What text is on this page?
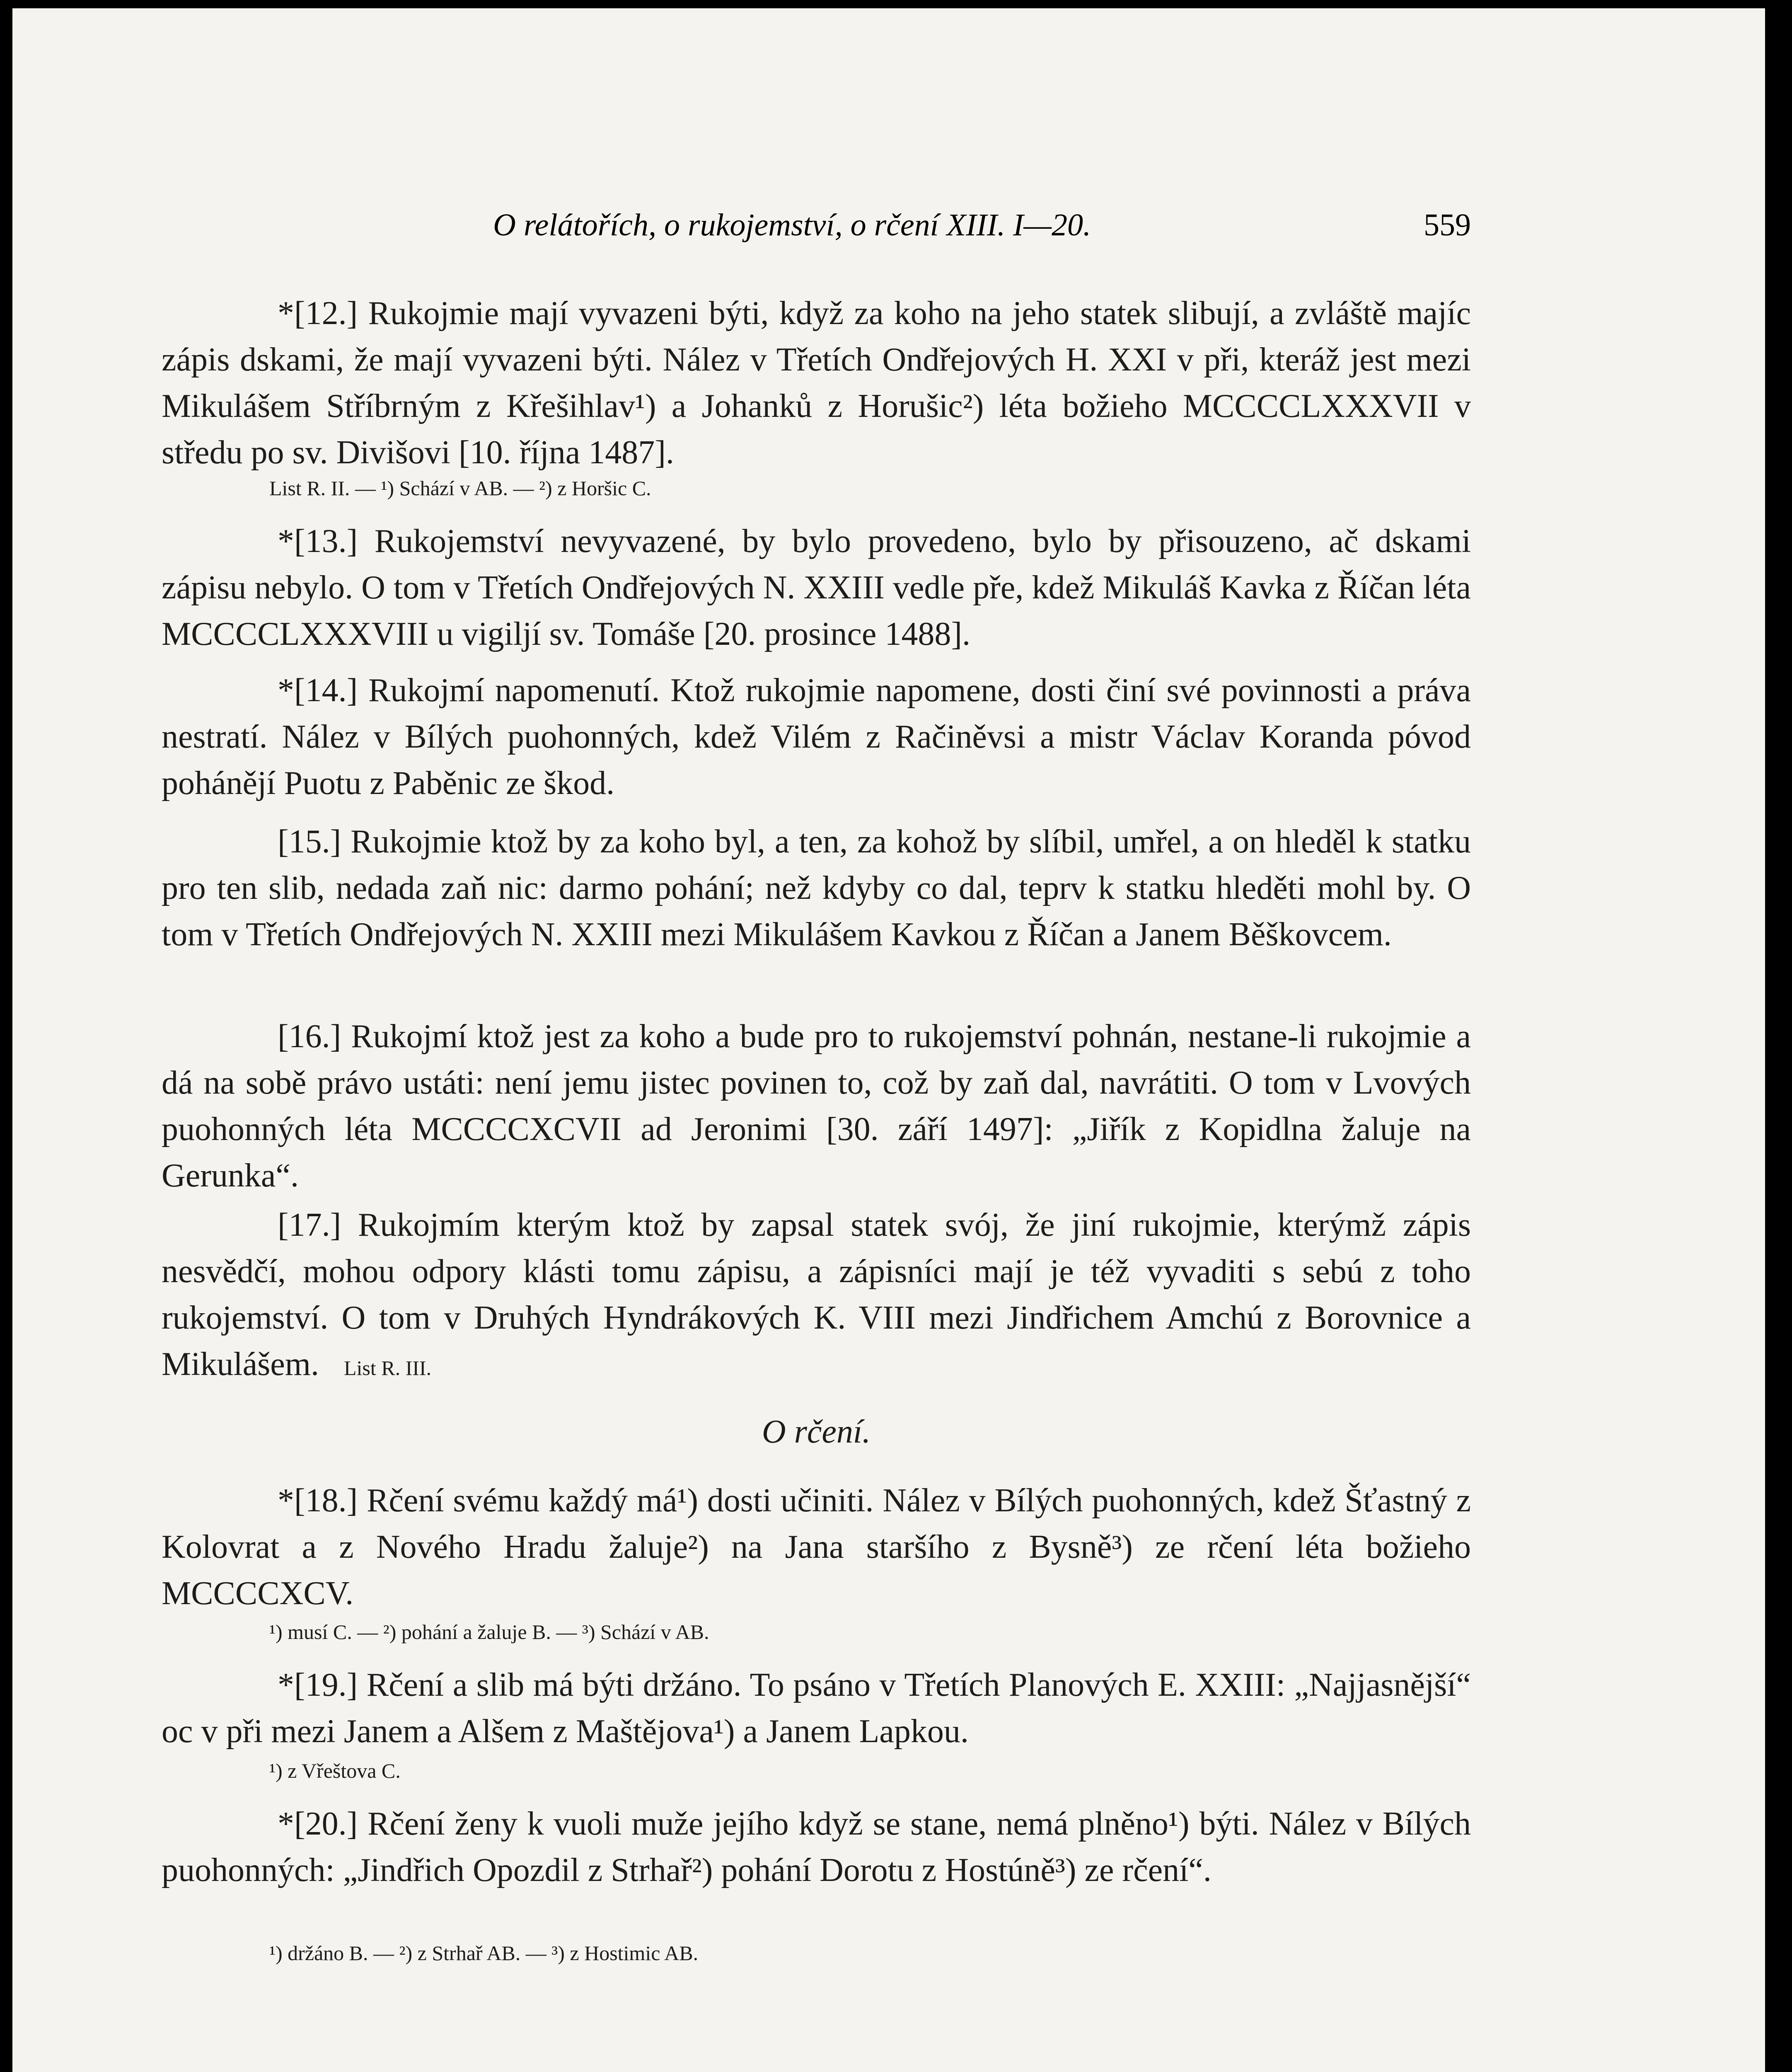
O relátořích, o rukojemství, o rčení XIII. I—20.	559
*[12.] Rukojmie mají vyvazeni býti, když za koho na jeho statek slibují, a zvláště majíc zápis dskami, že mají vyvazeni býti. Nález v Třetích Ondřejových H. XXI v při, kteráž jest mezi Mikulášem Stříbrným z Křešihlav¹) a Johanků z Horušic²) léta božieho MCCCCLXXXVII v středu po sv. Divišovi [10. října 1487].
List R. II. — ¹) Schází v AB. — ²) z Horšic C.
*[13.] Rukojemství nevyvazené, by bylo provedeno, bylo by přisouzeno, ač dskami zápisu nebylo. O tom v Třetích Ondřejových N. XXIII vedle pře, kdež Mikuláš Kavka z Říčan léta MCCCCLXXXVIII u vigiljí sv. Tomáše [20. prosince 1488].
*[14.] Rukojmí napomenutí. Ktož rukojmie napomene, dosti činí své povinnosti a práva nestratí. Nález v Bílých puohonných, kdež Vilém z Račiněvsi a mistr Václav Koranda póvod pohánějí Puotu z Paběnic ze škod.
[15.] Rukojmie ktož by za koho byl, a ten, za kohož by slíbil, umřel, a on hleděl k statku pro ten slib, nedada zaň nic: darmo pohání; než kdyby co dal, teprv k statku hleděti mohl by. O tom v Třetích Ondřejových N. XXIII mezi Mikulášem Kavkou z Říčan a Janem Běškovcem.
[16.] Rukojmí ktož jest za koho a bude pro to rukojemství pohnán, nestane-li rukojmie a dá na sobě právo ustáti: není jemu jistec povinen to, což by zaň dal, navrátiti. O tom v Lvových puohonných léta MCCCCXCVII ad Jeronimi [30. září 1497]: „Jiřík z Kopidlna žaluje na Gerunka“.
[17.] Rukojmím kterým ktož by zapsal statek svój, že jiní rukojmie, kterýmž zápis nesvědčí, mohou odpory klásti tomu zápisu, a zápisníci mají je též vyvaditi s sebú z toho rukojemství. O tom v Druhých Hyndrákových K. VIII mezi Jindřichem Amchú z Borovnice a Mikulášem. List R. III.
O rčení.
*[18.] Rčení svému každý má¹) dosti učiniti. Nález v Bílých puohonných, kdež Šťastný z Kolovrat a z Nového Hradu žaluje²) na Jana staršího z Bysně³) ze rčení léta božieho MCCCCXCV.
¹) musí C. — ²) pohání a žaluje B. — ³) Schází v AB.
*[19.] Rčení a slib má býti držáno. To psáno v Třetích Planových E. XXIII: „Najjasnější“ oc v při mezi Janem a Alšem z Maštějova¹) a Janem Lapkou.
¹) z Vřeštova C.
*[20.] Rčení ženy k vuoli muže jejího když se stane, nemá plněno¹) býti. Nález v Bílých puohonných: „Jindřich Opozdil z Strhař²) pohání Dorotu z Hostúně³) ze rčení“.
¹) držáno B. — ²) z Strhař AB. — ³) z Hostimic AB.
